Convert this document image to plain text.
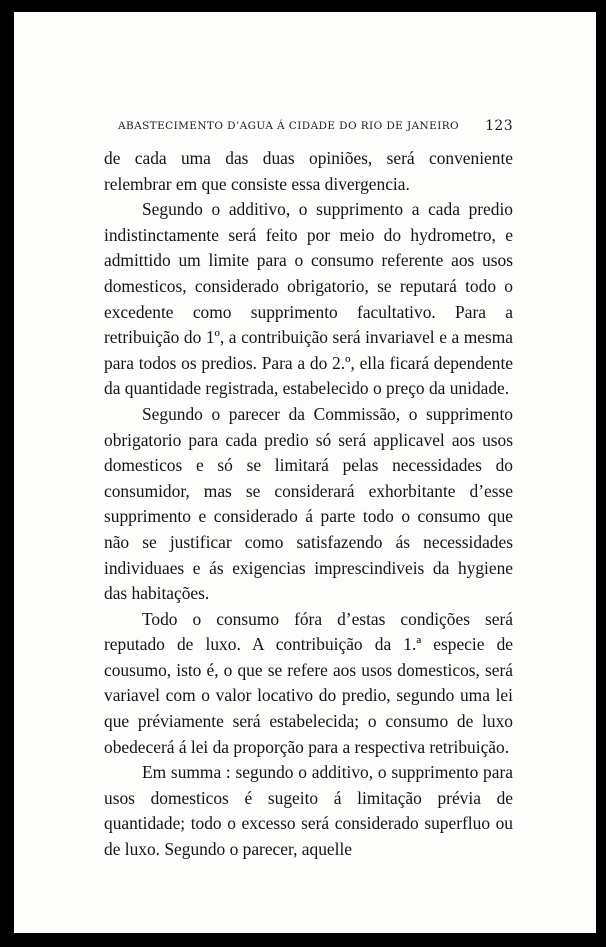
ABASTECIMENTO D’AGUA Á CIDADE DO RIO DE JANEIRO 123

de cada uma das duas opiniões, será conveniente relembrar em que consiste essa divergencia.

Segundo o additivo, o supprimento a cada predio indistinctamente será feito por meio do hydrometro, e admittido um limite para o consumo referente aos usos domesticos, considerado obrigatorio, se reputará todo o excedente como supprimento facultativo. Para a retribuição do 1º, a contribuição será invariavel e a mesma para todos os predios. Para a do 2.º, ella ficará dependente da quantidade registrada, estabelecido o preço da unidade.

Segundo o parecer da Commissão, o supprimento obrigatorio para cada predio só será applicavel aos usos domesticos e só se limitará pelas necessidades do consumidor, mas se considerará exhorbitante d’esse supprimento e considerado á parte todo o consumo que não se justificar como satisfazendo ás necessidades individuaes e ás exigencias imprescindiveis da hygiene das habitações.

Todo o consumo fóra d’estas condições será reputado de luxo. A contribuição da 1.ª especie de cousumo, isto é, o que se refere aos usos domesticos, será variavel com o valor locativo do predio, segundo uma lei que préviamente será estabelecida; o consumo de luxo obedecerá á lei da proporção para a respectiva retribuição.

Em summa : segundo o additivo, o supprimento para usos domesticos é sugeito á limitação prévia de quantidade; todo o excesso será considerado superfluo ou de luxo. Segundo o parecer, aquelle
